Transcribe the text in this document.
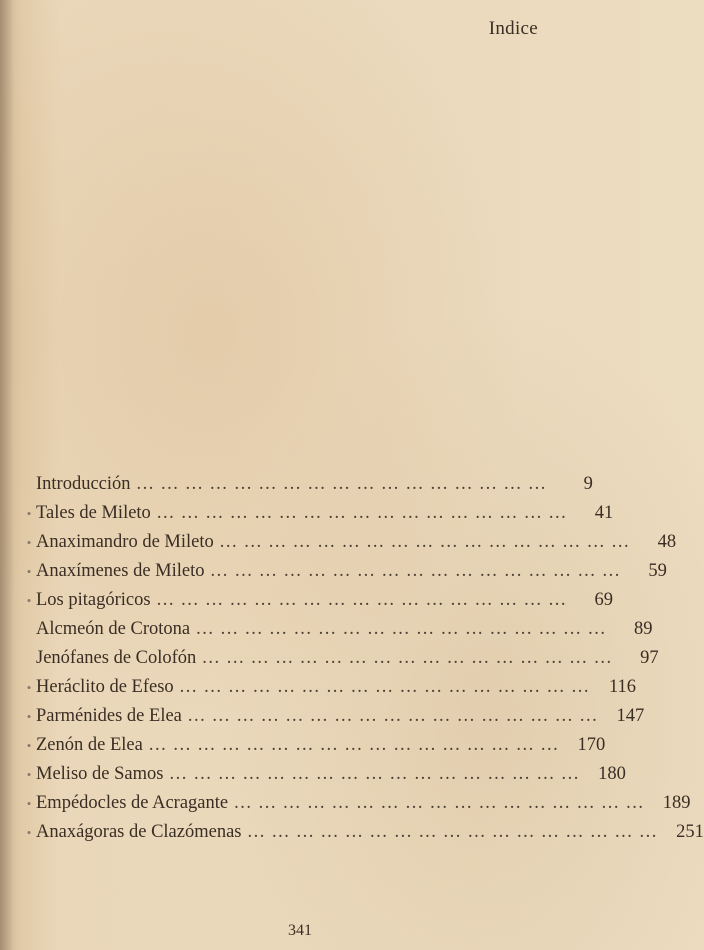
Indice
Introducción ... ... ... ... ... ... ... ... ... ... ... ... ... ... ... ... ...	9
• Tales de Mileto ... ... ... ... ... ... ... ... ... ... ... ... ... ... ... ... ...	41
• Anaximandro de Mileto ... ... ... ... ... ... ... ... ... ... ... ... ... ... ... ... ...	48
• Anaxímenes de Mileto ... ... ... ... ... ... ... ... ... ... ... ... ... ... ... ... ...	59
• Los pitagóricos ... ... ... ... ... ... ... ... ... ... ... ... ... ... ... ... ...	69
Alcmeón de Crotona ... ... ... ... ... ... ... ... ... ... ... ... ... ... ... ... ...	89
Jenófanes de Colofón ... ... ... ... ... ... ... ... ... ... ... ... ... ... ... ... ...	97
• Heráclito de Efeso ... ... ... ... ... ... ... ... ... ... ... ... ... ... ... ... ...	116
• Parménides de Elea ... ... ... ... ... ... ... ... ... ... ... ... ... ... ... ... ... 147
• Zenón de Elea ... ... ... ... ... ... ... ... ... ... ... ... ... ... ... ... ... 170
• Meliso de Samos ... ... ... ... ... ... ... ... ... ... ... ... ... ... ... ... ... 180
• Empédocles de Acragante ... ... ... ... ... ... ... ... ... ... ... ... ... ... ... ... ... 189
• Anaxágoras de Clazómenas ... ... ... ... ... ... ... ... ... ... ... ... ... ... ... ... ... 251
341
